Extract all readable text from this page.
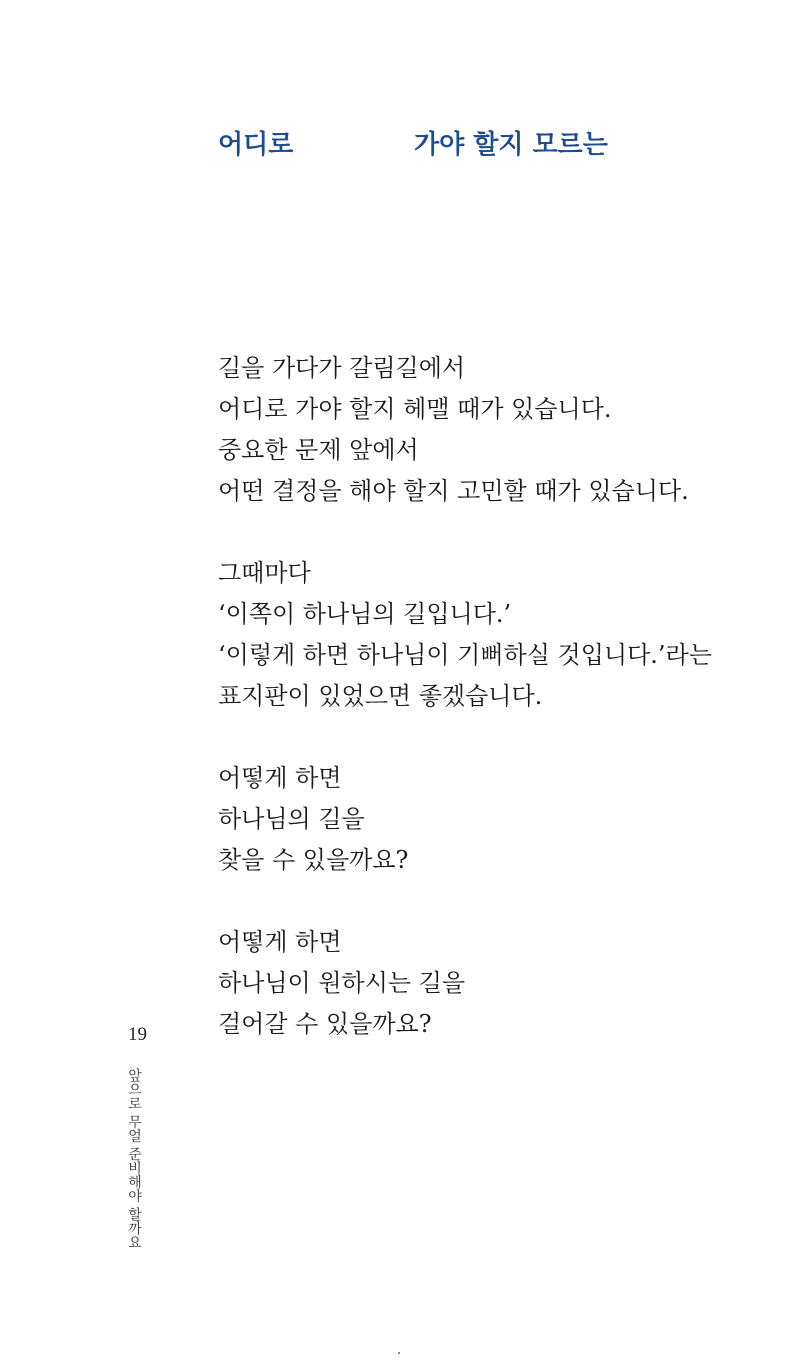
어디로	가야 할지 모르는
길을 가다가 갈림길에서
어디로 가야 할지 헤맬 때가 있습니다.
중요한 문제 앞에서
어떤 결정을 해야 할지 고민할 때가 있습니다.
그때마다
‘이쪽이 하나님의 길입니다.’
‘이렇게 하면 하나님이 기뻐하실 것입니다.’라는
표지판이 있었으면 좋겠습니다.
어떻게 하면
하나님의 길을
찾을 수 있을까요?
어떻게 하면
하나님이 원하시는 길을
걸어갈 수 있을까요?
19
앞으로 무얼 준비해야 할까요
